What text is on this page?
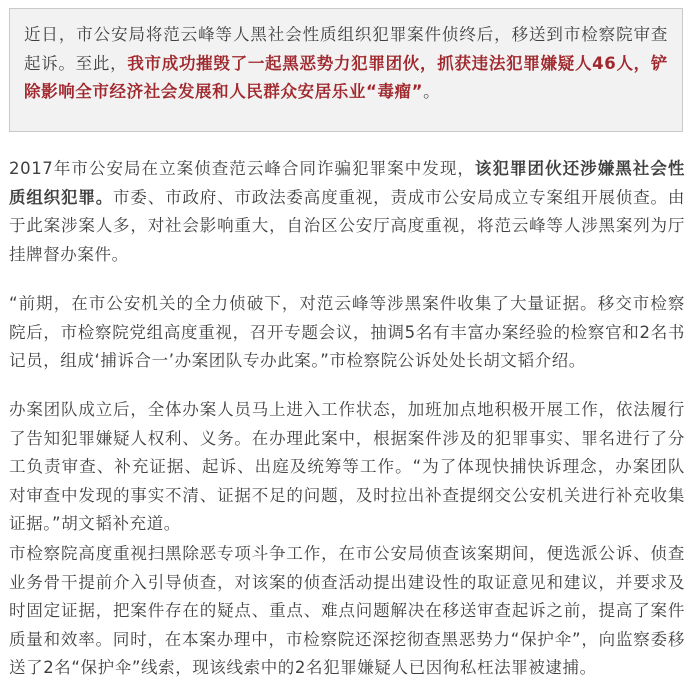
近日，市公安局将范云峰等人黑社会性质组织犯罪案件侦终后，移送到市检察院审查起诉。至此，我市成功摧毁了一起黑恶势力犯罪团伙，抓获违法犯罪嫌疑人46人，铲除影响全市经济社会发展和人民群众安居乐业“毒瘤”。
2017年市公安局在立案侦查范云峰合同诈骗犯罪案中发现，该犯罪团伙还涉嫌黑社会性质组织犯罪。市委、市政府、市政法委高度重视，责成市公安局成立专案组开展侦查。由于此案涉案人多，对社会影响重大，自治区公安厅高度重视，将范云峰等人涉黑案列为厅挂牌督办案件。
“前期，在市公安机关的全力侦破下，对范云峰等涉黑案件收集了大量证据。移交市检察院后，市检察院党组高度重视，召开专题会议，抽调5名有丰富办案经验的检察官和2名书记员，组成‘捕诉合一’办案团队专办此案。”市检察院公诉处处长胡文韬介绍。
办案团队成立后，全体办案人员马上进入工作状态，加班加点地积极开展工作，依法履行了告知犯罪嫌疑人权利、义务。在办理此案中，根据案件涉及的犯罪事实、罪名进行了分工负责审查、补充证据、起诉、出庭及统筹等工作。“为了体现快捕快诉理念，办案团队对审查中发现的事实不清、证据不足的问题，及时拉出补查提纲交公安机关进行补充收集证据。”胡文韬补充道。
市检察院高度重视扫黑除恶专项斗争工作，在市公安局侦查该案期间，便选派公诉、侦查业务骨干提前介入引导侦查，对该案的侦查活动提出建设性的取证意见和建议，并要求及时固定证据，把案件存在的疑点、重点、难点问题解决在移送审查起诉之前，提高了案件质量和效率。同时，在本案办理中，市检察院还深挖彻查黑恶势力“保护伞”，向监察委移送了2名“保护伞”线索，现该线索中的2名犯罪嫌疑人已因徇私枉法罪被逮捕。
